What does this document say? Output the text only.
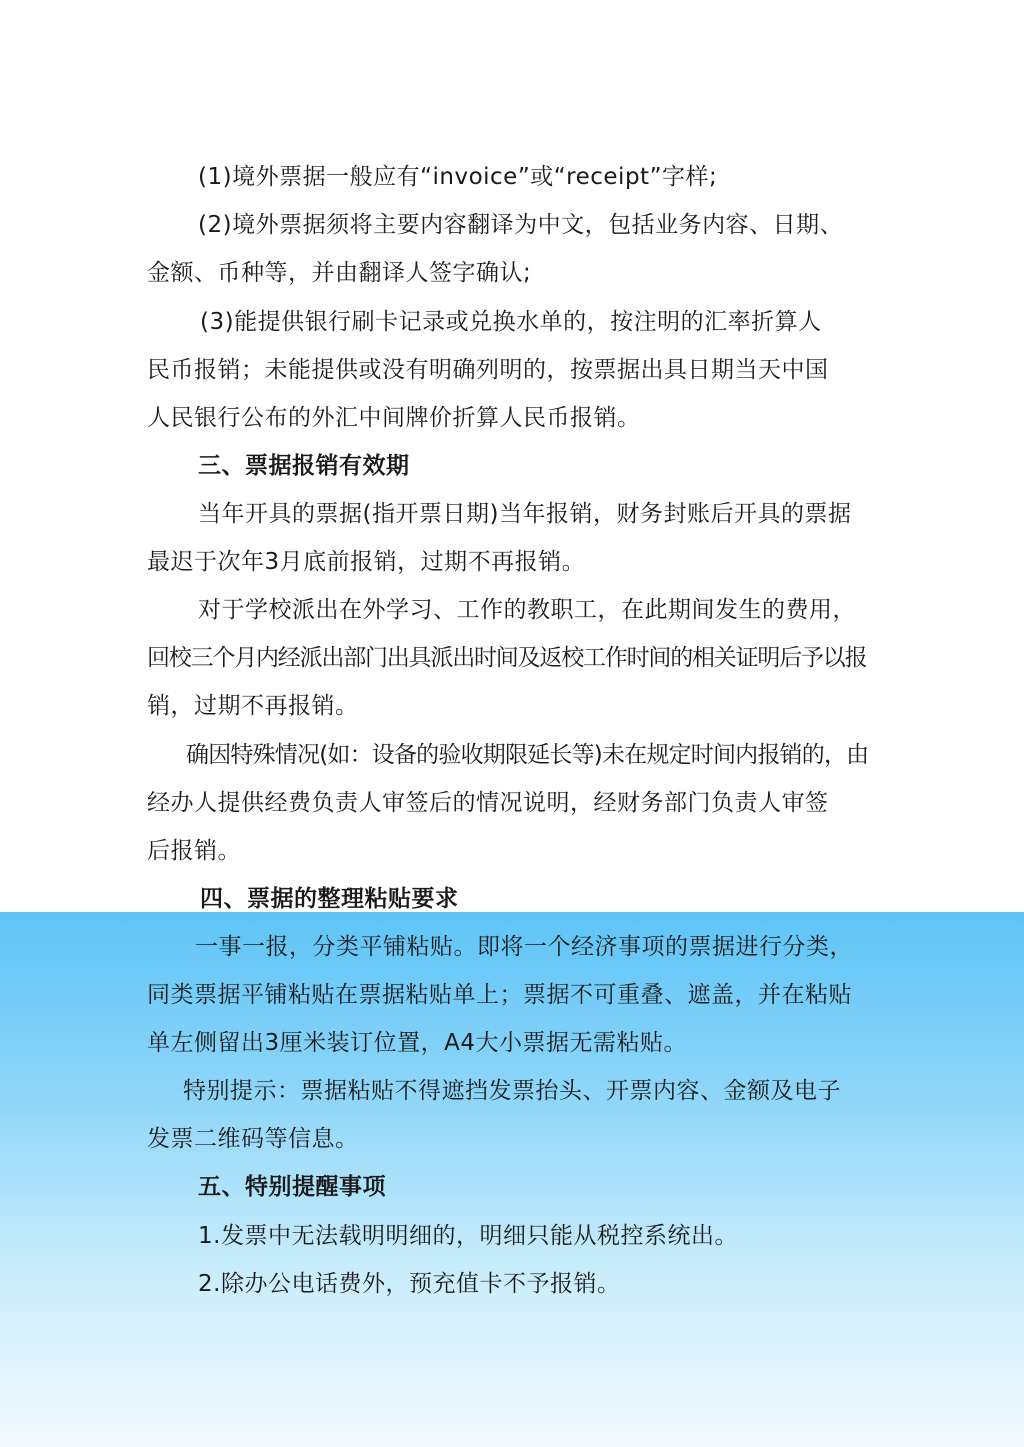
(1)境外票据一般应有“invoice”或“receipt”字样;
(2)境外票据须将主要内容翻译为中文，包括业务内容、日期、
金额、币种等，并由翻译人签字确认;
(3)能提供银行刷卡记录或兑换水单的，按注明的汇率折算人
民币报销；未能提供或没有明确列明的，按票据出具日期当天中国
人民银行公布的外汇中间牌价折算人民币报销。
三、票据报销有效期
当年开具的票据(指开票日期)当年报销，财务封账后开具的票据
最迟于次年3月底前报销，过期不再报销。
对于学校派出在外学习、工作的教职工，在此期间发生的费用，
回校三个月内经派出部门出具派出时间及返校工作时间的相关证明后予以报
销，过期不再报销。
确因特殊情况(如：设备的验收期限延长等)未在规定时间内报销的，由
经办人提供经费负责人审签后的情况说明，经财务部门负责人审签
后报销。
四、票据的整理粘贴要求
一事一报，分类平铺粘贴。即将一个经济事项的票据进行分类，
同类票据平铺粘贴在票据粘贴单上；票据不可重叠、遮盖，并在粘贴
单左侧留出3厘米装订位置，A4大小票据无需粘贴。
特别提示：票据粘贴不得遮挡发票抬头、开票内容、金额及电子
发票二维码等信息。
五、特别提醒事项
1.发票中无法载明明细的，明细只能从税控系统出。
2.除办公电话费外，预充值卡不予报销。
